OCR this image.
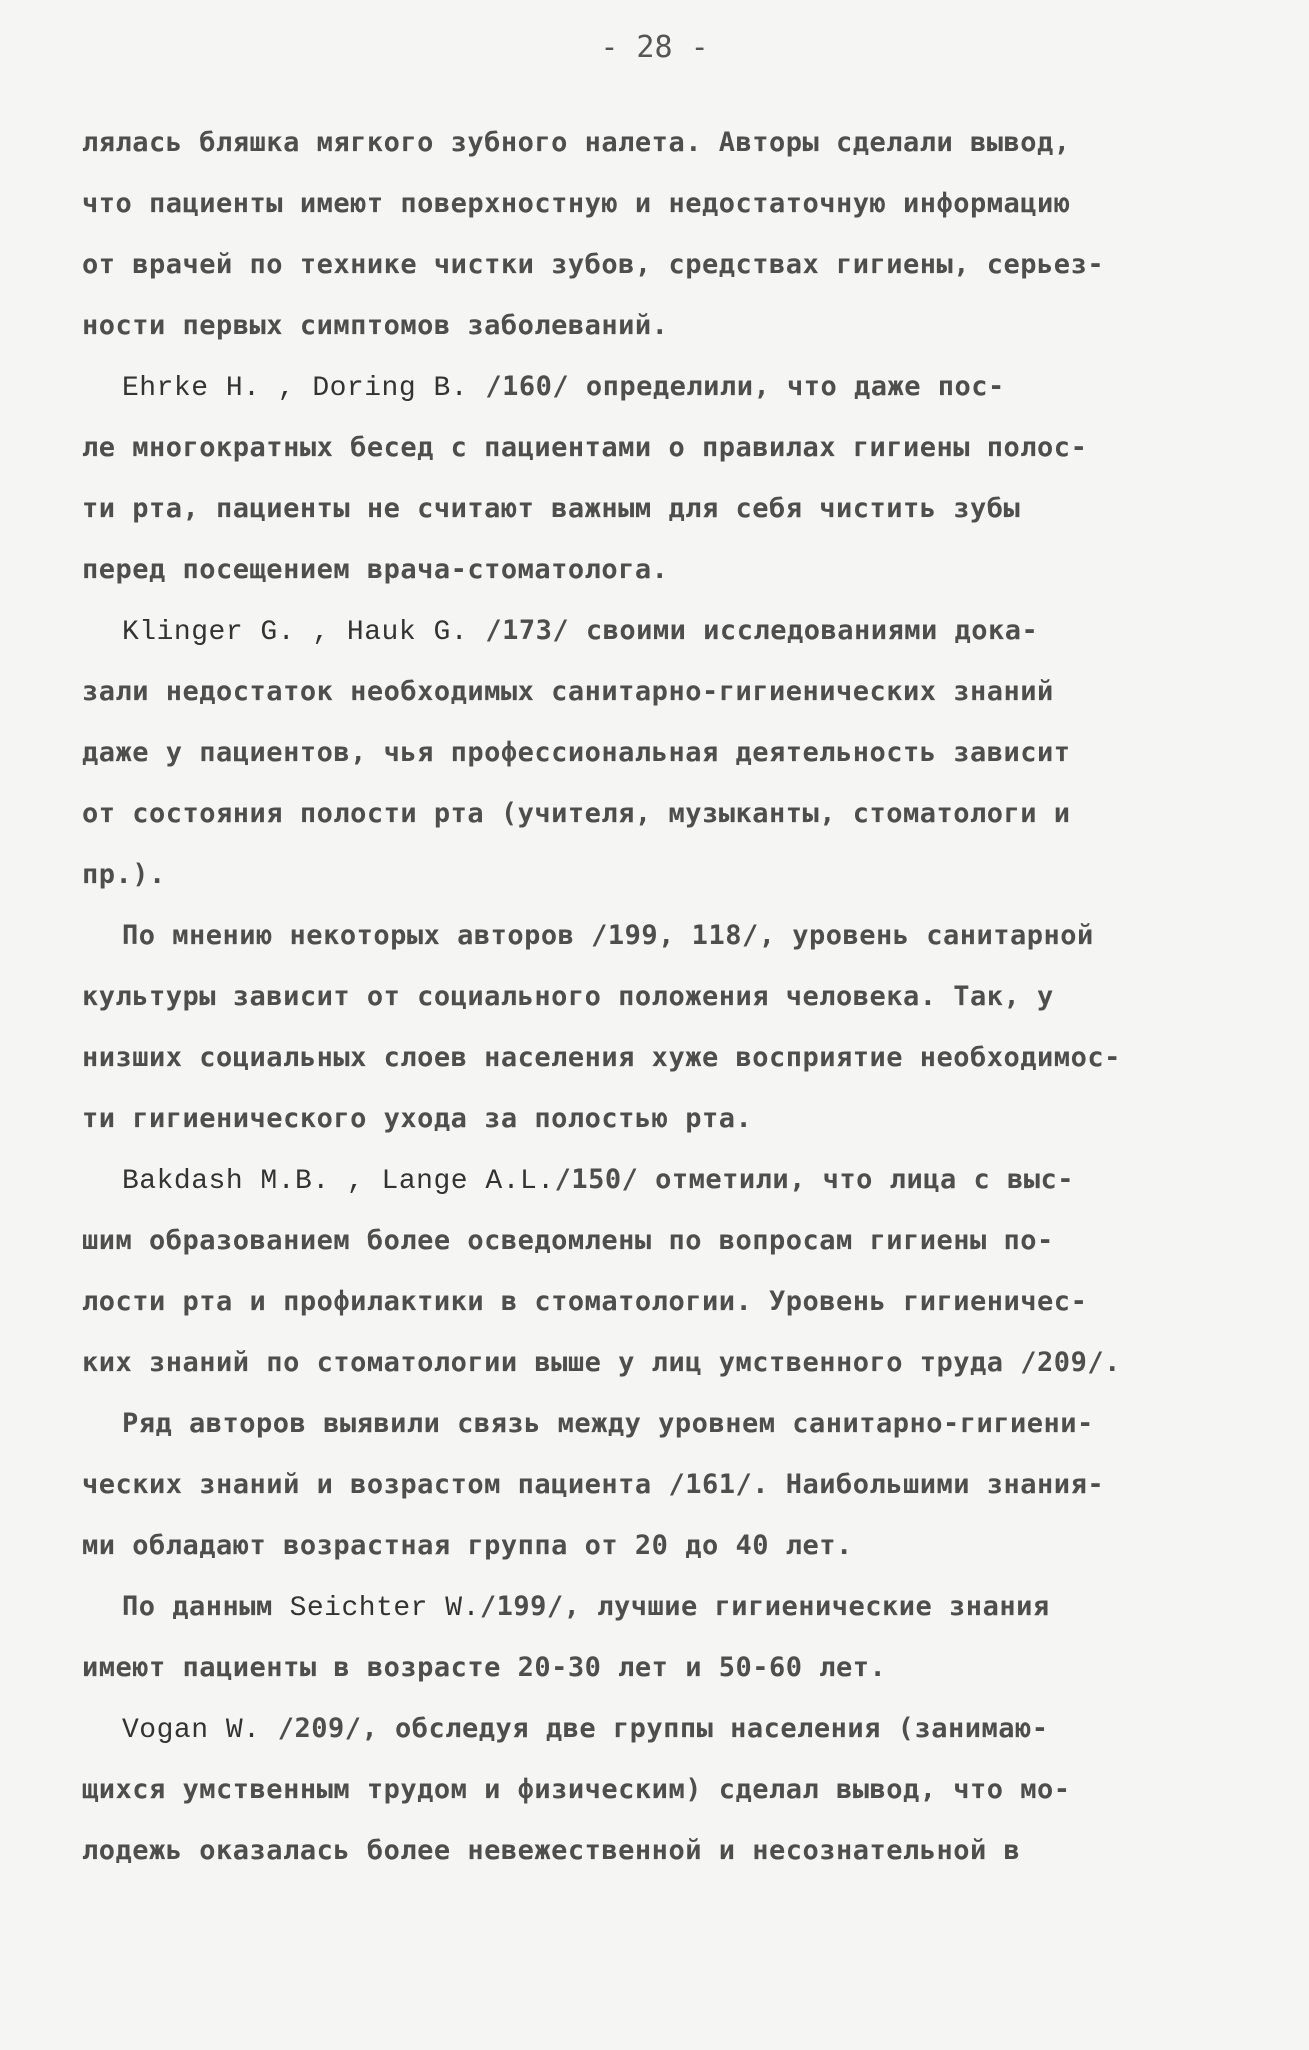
- 28 -
лялась бляшка мягкого зубного налета. Авторы сделали вывод,
что пациенты имеют поверхностную и недостаточную информацию
от врачей по технике чистки зубов, средствах гигиены, серьез-
ности первых симптомов заболеваний.
Ehrke H. , Doring B. /160/ определили, что даже пос-
ле многократных бесед с пациентами о правилах гигиены полос-
ти рта, пациенты не считают важным для себя чистить зубы
перед посещением врача-стоматолога.
Klinger G. , Hauk G. /173/ своими исследованиями дока-
зали недостаток необходимых санитарно-гигиенических знаний
даже у пациентов, чья профессиональная деятельность зависит
от состояния полости рта (учителя, музыканты, стоматологи и
пр.).
По мнению некоторых авторов /199, 118/, уровень санитарной
культуры зависит от социального положения человека. Так, у
низших социальных слоев населения хуже восприятие необходимос-
ти гигиенического ухода за полостью рта.
Bakdash M.B. , Lange A.L./150/ отметили, что лица с выс-
шим образованием более осведомлены по вопросам гигиены по-
лости рта и профилактики в стоматологии. Уровень гигиеничес-
ких знаний по стоматологии выше у лиц умственного труда /209/.
Ряд авторов выявили связь между уровнем санитарно-гигиени-
ческих знаний и возрастом пациента /161/. Наибольшими знания-
ми обладают возрастная группа от 20 до 40 лет.
По данным Seichter W./199/, лучшие гигиенические знания
имеют пациенты в возрасте 20-30 лет и 50-60 лет.
Vogan W. /209/, обследуя две группы населения (занимаю-
щихся умственным трудом и физическим) сделал вывод, что мо-
лодежь оказалась более невежественной и несознательной в
